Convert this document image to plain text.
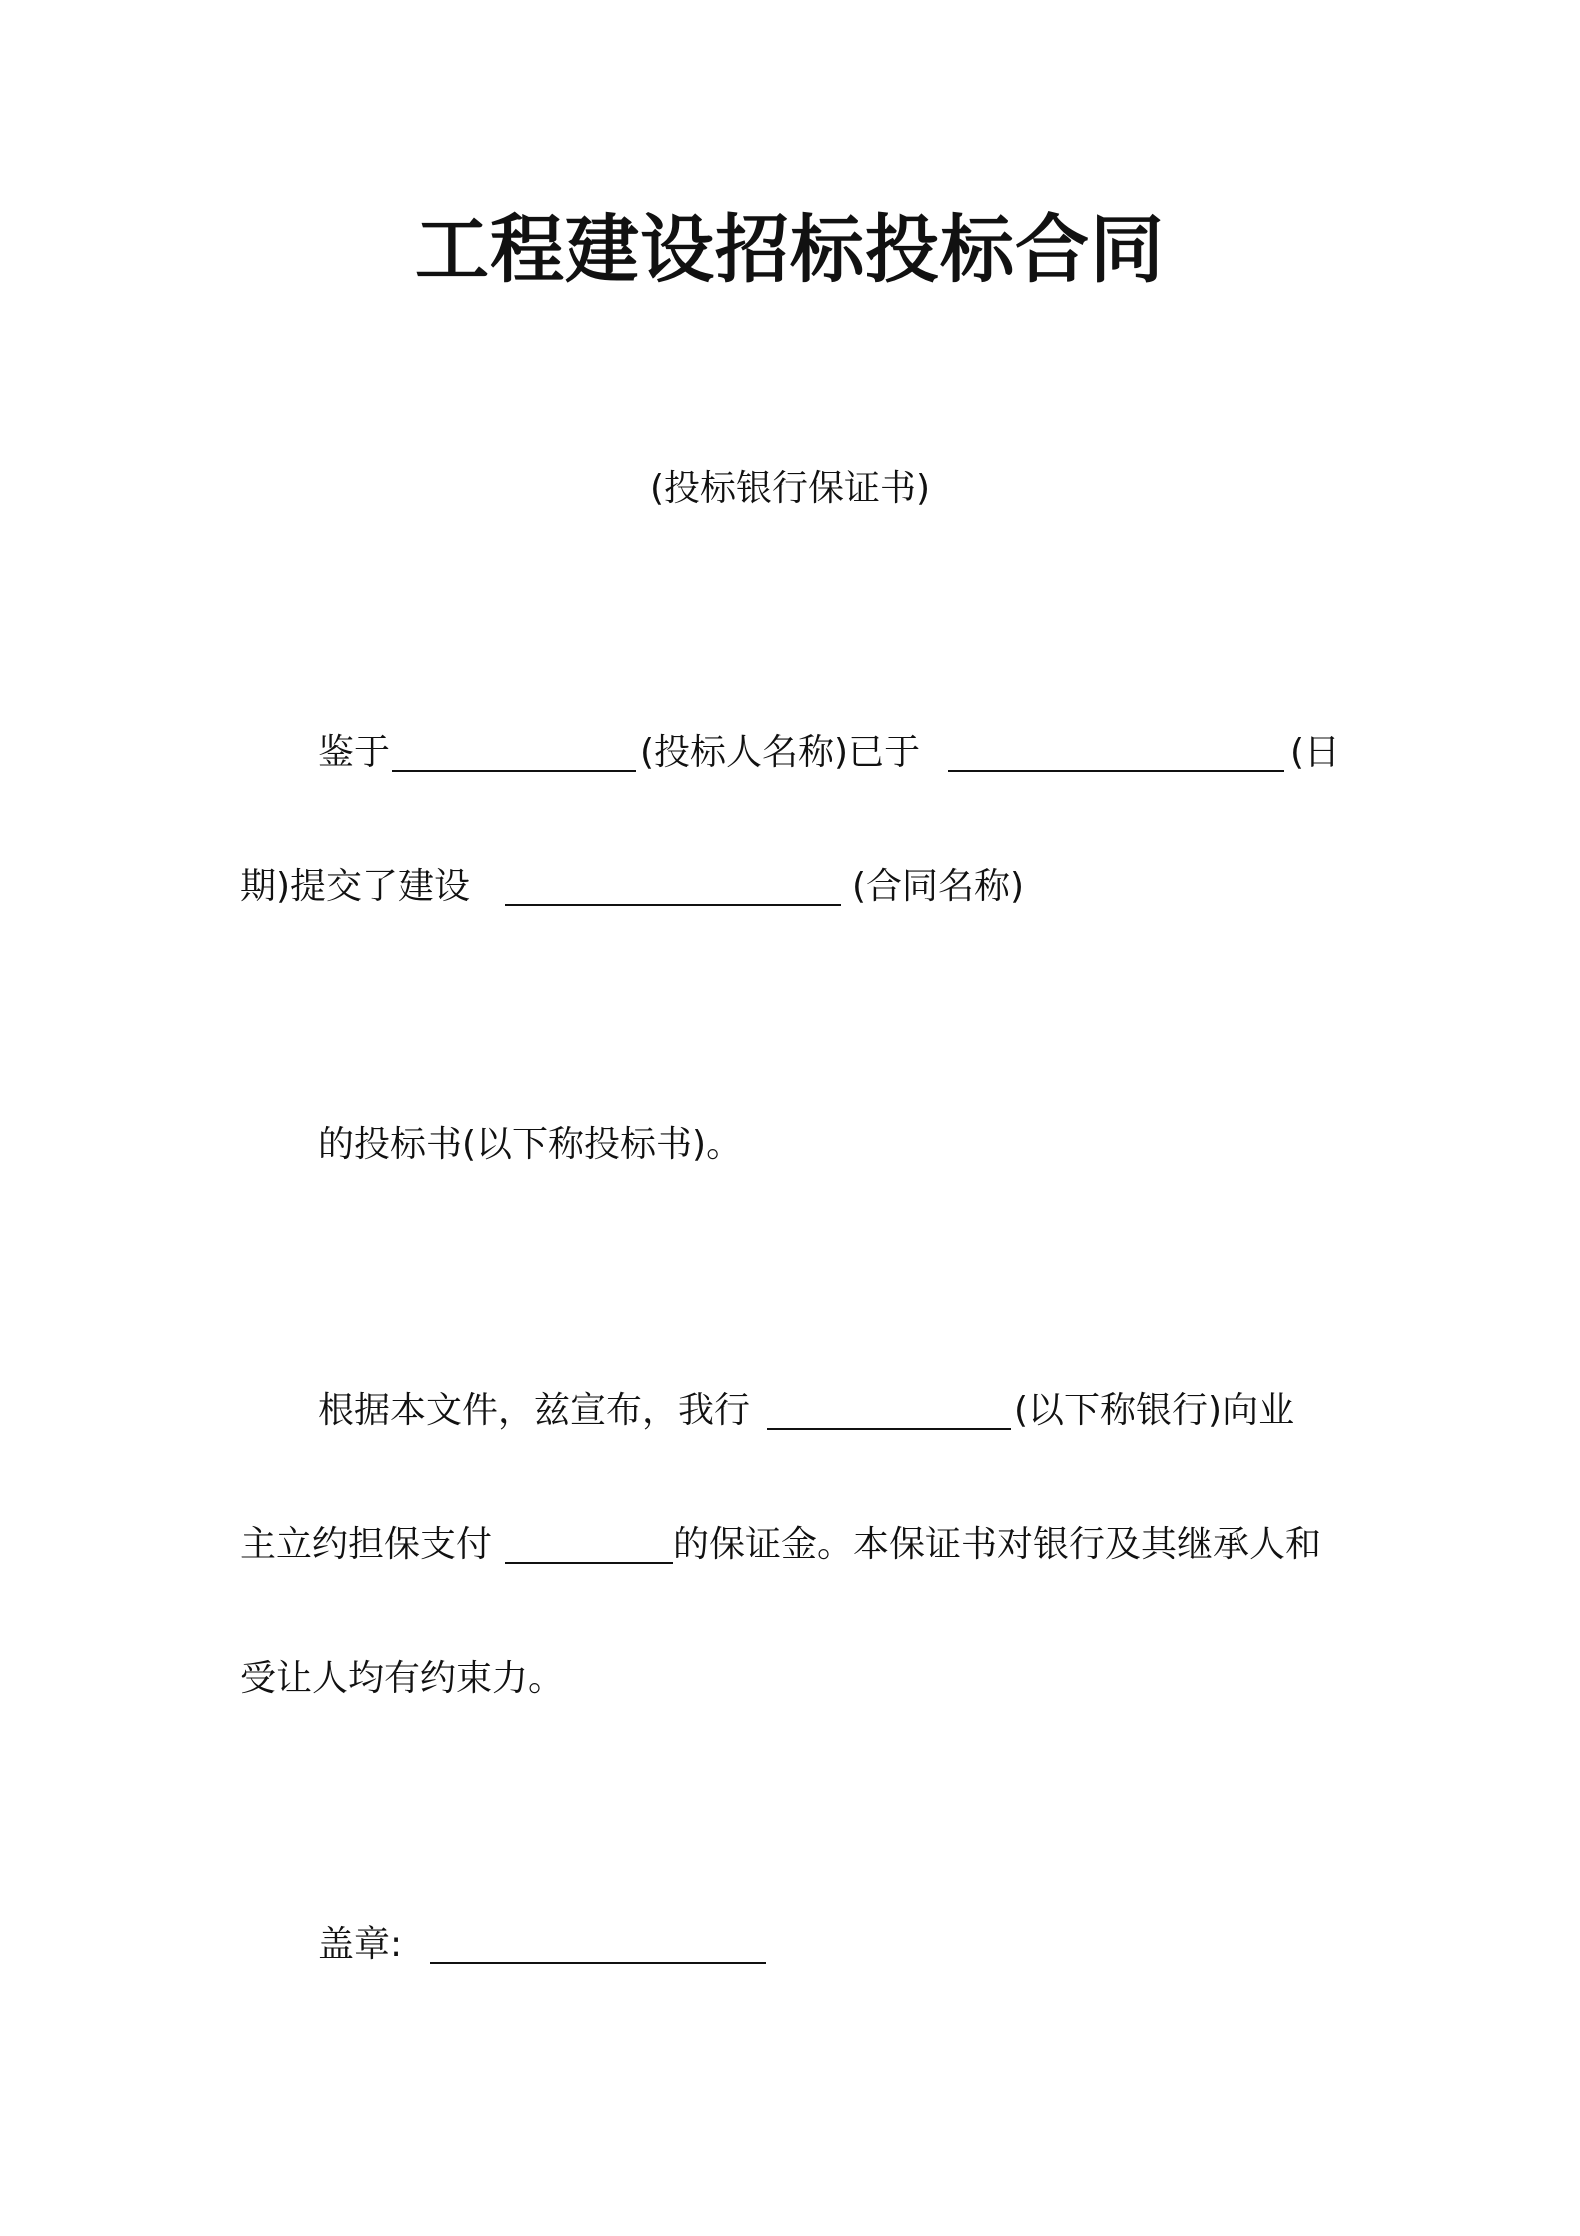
工程建设招标投标合同
(投标银行保证书)
鉴于	(投标人名称)已于	(日
期)提交了建设	(合同名称)
的投标书(以下称投标书)。
根据本文件，兹宣布，我行	(以下称银行)向业
主立约担保支付	的保证金。本保证书对银行及其继承人和
受让人均有约束力。
盖章:
